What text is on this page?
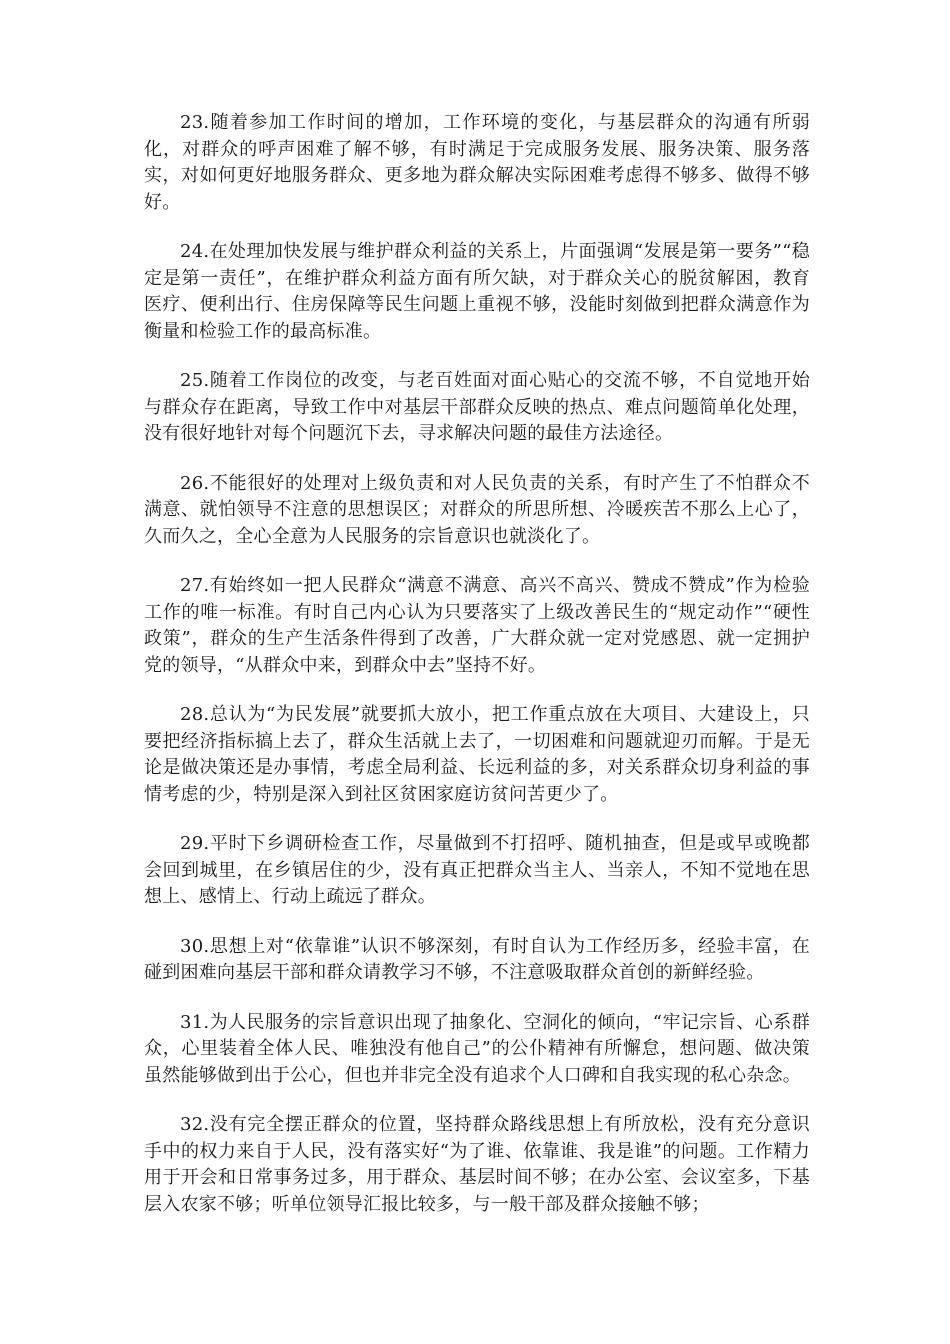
23.随着参加工作时间的增加，工作环境的变化，与基层群众的沟通有所弱化，对群众的呼声困难了解不够，有时满足于完成服务发展、服务决策、服务落实，对如何更好地服务群众、更多地为群众解决实际困难考虑得不够多、做得不够好。

24.在处理加快发展与维护群众利益的关系上，片面强调“发展是第一要务”“稳定是第一责任”，在维护群众利益方面有所欠缺，对于群众关心的脱贫解困，教育医疗、便利出行、住房保障等民生问题上重视不够，没能时刻做到把群众满意作为衡量和检验工作的最高标准。

25.随着工作岗位的改变，与老百姓面对面心贴心的交流不够，不自觉地开始与群众存在距离，导致工作中对基层干部群众反映的热点、难点问题简单化处理，没有很好地针对每个问题沉下去，寻求解决问题的最佳方法途径。

26.不能很好的处理对上级负责和对人民负责的关系，有时产生了不怕群众不满意、就怕领导不注意的思想误区；对群众的所思所想、冷暖疾苦不那么上心了，久而久之，全心全意为人民服务的宗旨意识也就淡化了。

27.有始终如一把人民群众“满意不满意、高兴不高兴、赞成不赞成”作为检验工作的唯一标准。有时自己内心认为只要落实了上级改善民生的“规定动作”“硬性政策”，群众的生产生活条件得到了改善，广大群众就一定对党感恩、就一定拥护党的领导，“从群众中来，到群众中去”坚持不好。

28.总认为“为民发展”就要抓大放小，把工作重点放在大项目、大建设上，只要把经济指标搞上去了，群众生活就上去了，一切困难和问题就迎刃而解。于是无论是做决策还是办事情，考虑全局利益、长远利益的多，对关系群众切身利益的事情考虑的少，特别是深入到社区贫困家庭访贫问苦更少了。

29.平时下乡调研检查工作，尽量做到不打招呼、随机抽查，但是或早或晚都会回到城里，在乡镇居住的少，没有真正把群众当主人、当亲人，不知不觉地在思想上、感情上、行动上疏远了群众。

30.思想上对“依靠谁”认识不够深刻，有时自认为工作经历多，经验丰富，在碰到困难向基层干部和群众请教学习不够，不注意吸取群众首创的新鲜经验。

31.为人民服务的宗旨意识出现了抽象化、空洞化的倾向，“牢记宗旨、心系群众，心里装着全体人民、唯独没有他自己”的公仆精神有所懈怠，想问题、做决策虽然能够做到出于公心，但也并非完全没有追求个人口碑和自我实现的私心杂念。

32.没有完全摆正群众的位置，坚持群众路线思想上有所放松，没有充分意识手中的权力来自于人民，没有落实好“为了谁、依靠谁、我是谁”的问题。工作精力用于开会和日常事务过多，用于群众、基层时间不够；在办公室、会议室多，下基层入农家不够；听单位领导汇报比较多，与一般干部及群众接触不够；
